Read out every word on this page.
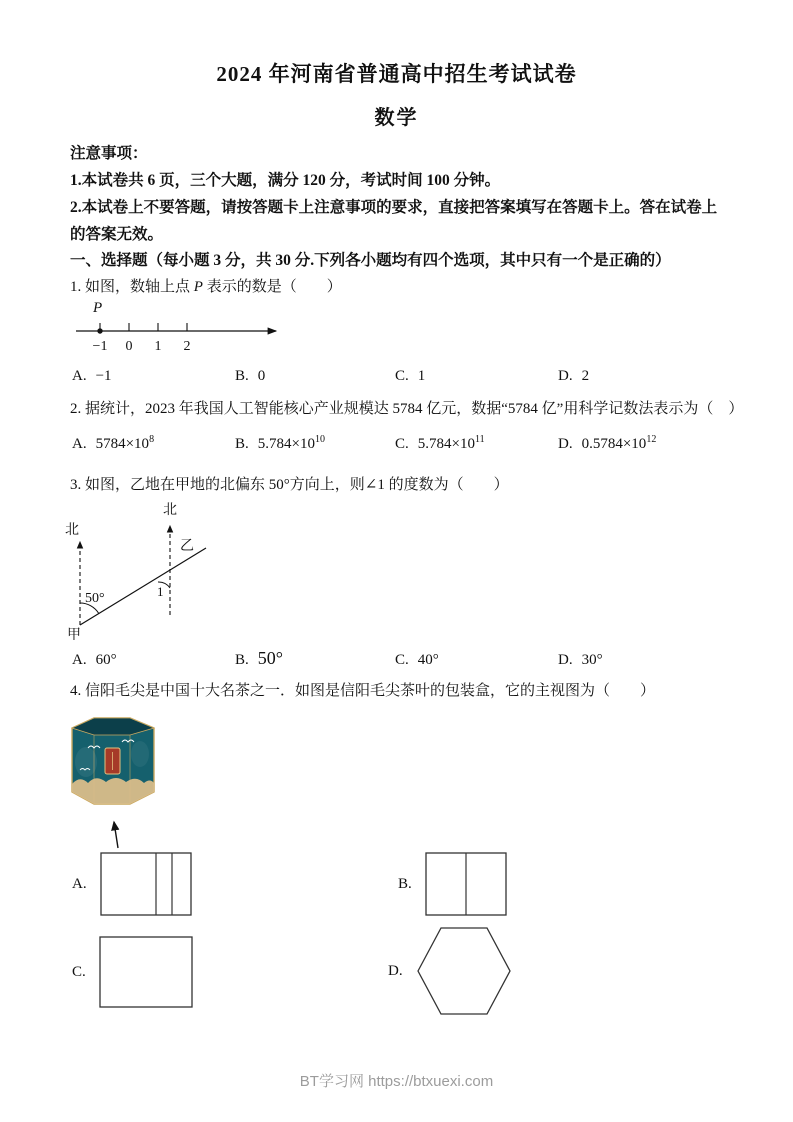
2024 年河南省普通高中招生考试试卷
数学
注意事项：
1.本试卷共 6 页，三个大题，满分 120 分，考试时间 100 分钟。
2.本试卷上不要答题，请按答题卡上注意事项的要求，直接把答案填写在答题卡上。答在试卷上的答案无效。
一、选择题（每小题 3 分，共 30 分.下列各小题均有四个选项，其中只有一个是正确的）
1. 如图，数轴上点 P 表示的数是（　　）
P
−1 0 1 2
A. −1	B. 0	C. 1	D. 2
2. 据统计，2023 年我国人工智能核心产业规模达 5784 亿元，数据“5784 亿”用科学记数法表示为（　）
A. $5784\times 10^8$	B. $5.784\times 10^{10}$	C. $5.784\times 10^{11}$	D. $0.5784\times 10^{12}$
3. 如图，乙地在甲地的北偏东 50°方向上，则∠1 的度数为（　　）
北
北
甲
乙
50°	1
A. 60°	B. 50°	C. 40°	D. 30°
4. 信阳毛尖是中国十大名茶之一．如图是信阳毛尖茶叶的包装盒，它的主视图为（　　）
A.	B.
C.	D.
BT学习网 https://btxuexi.com
